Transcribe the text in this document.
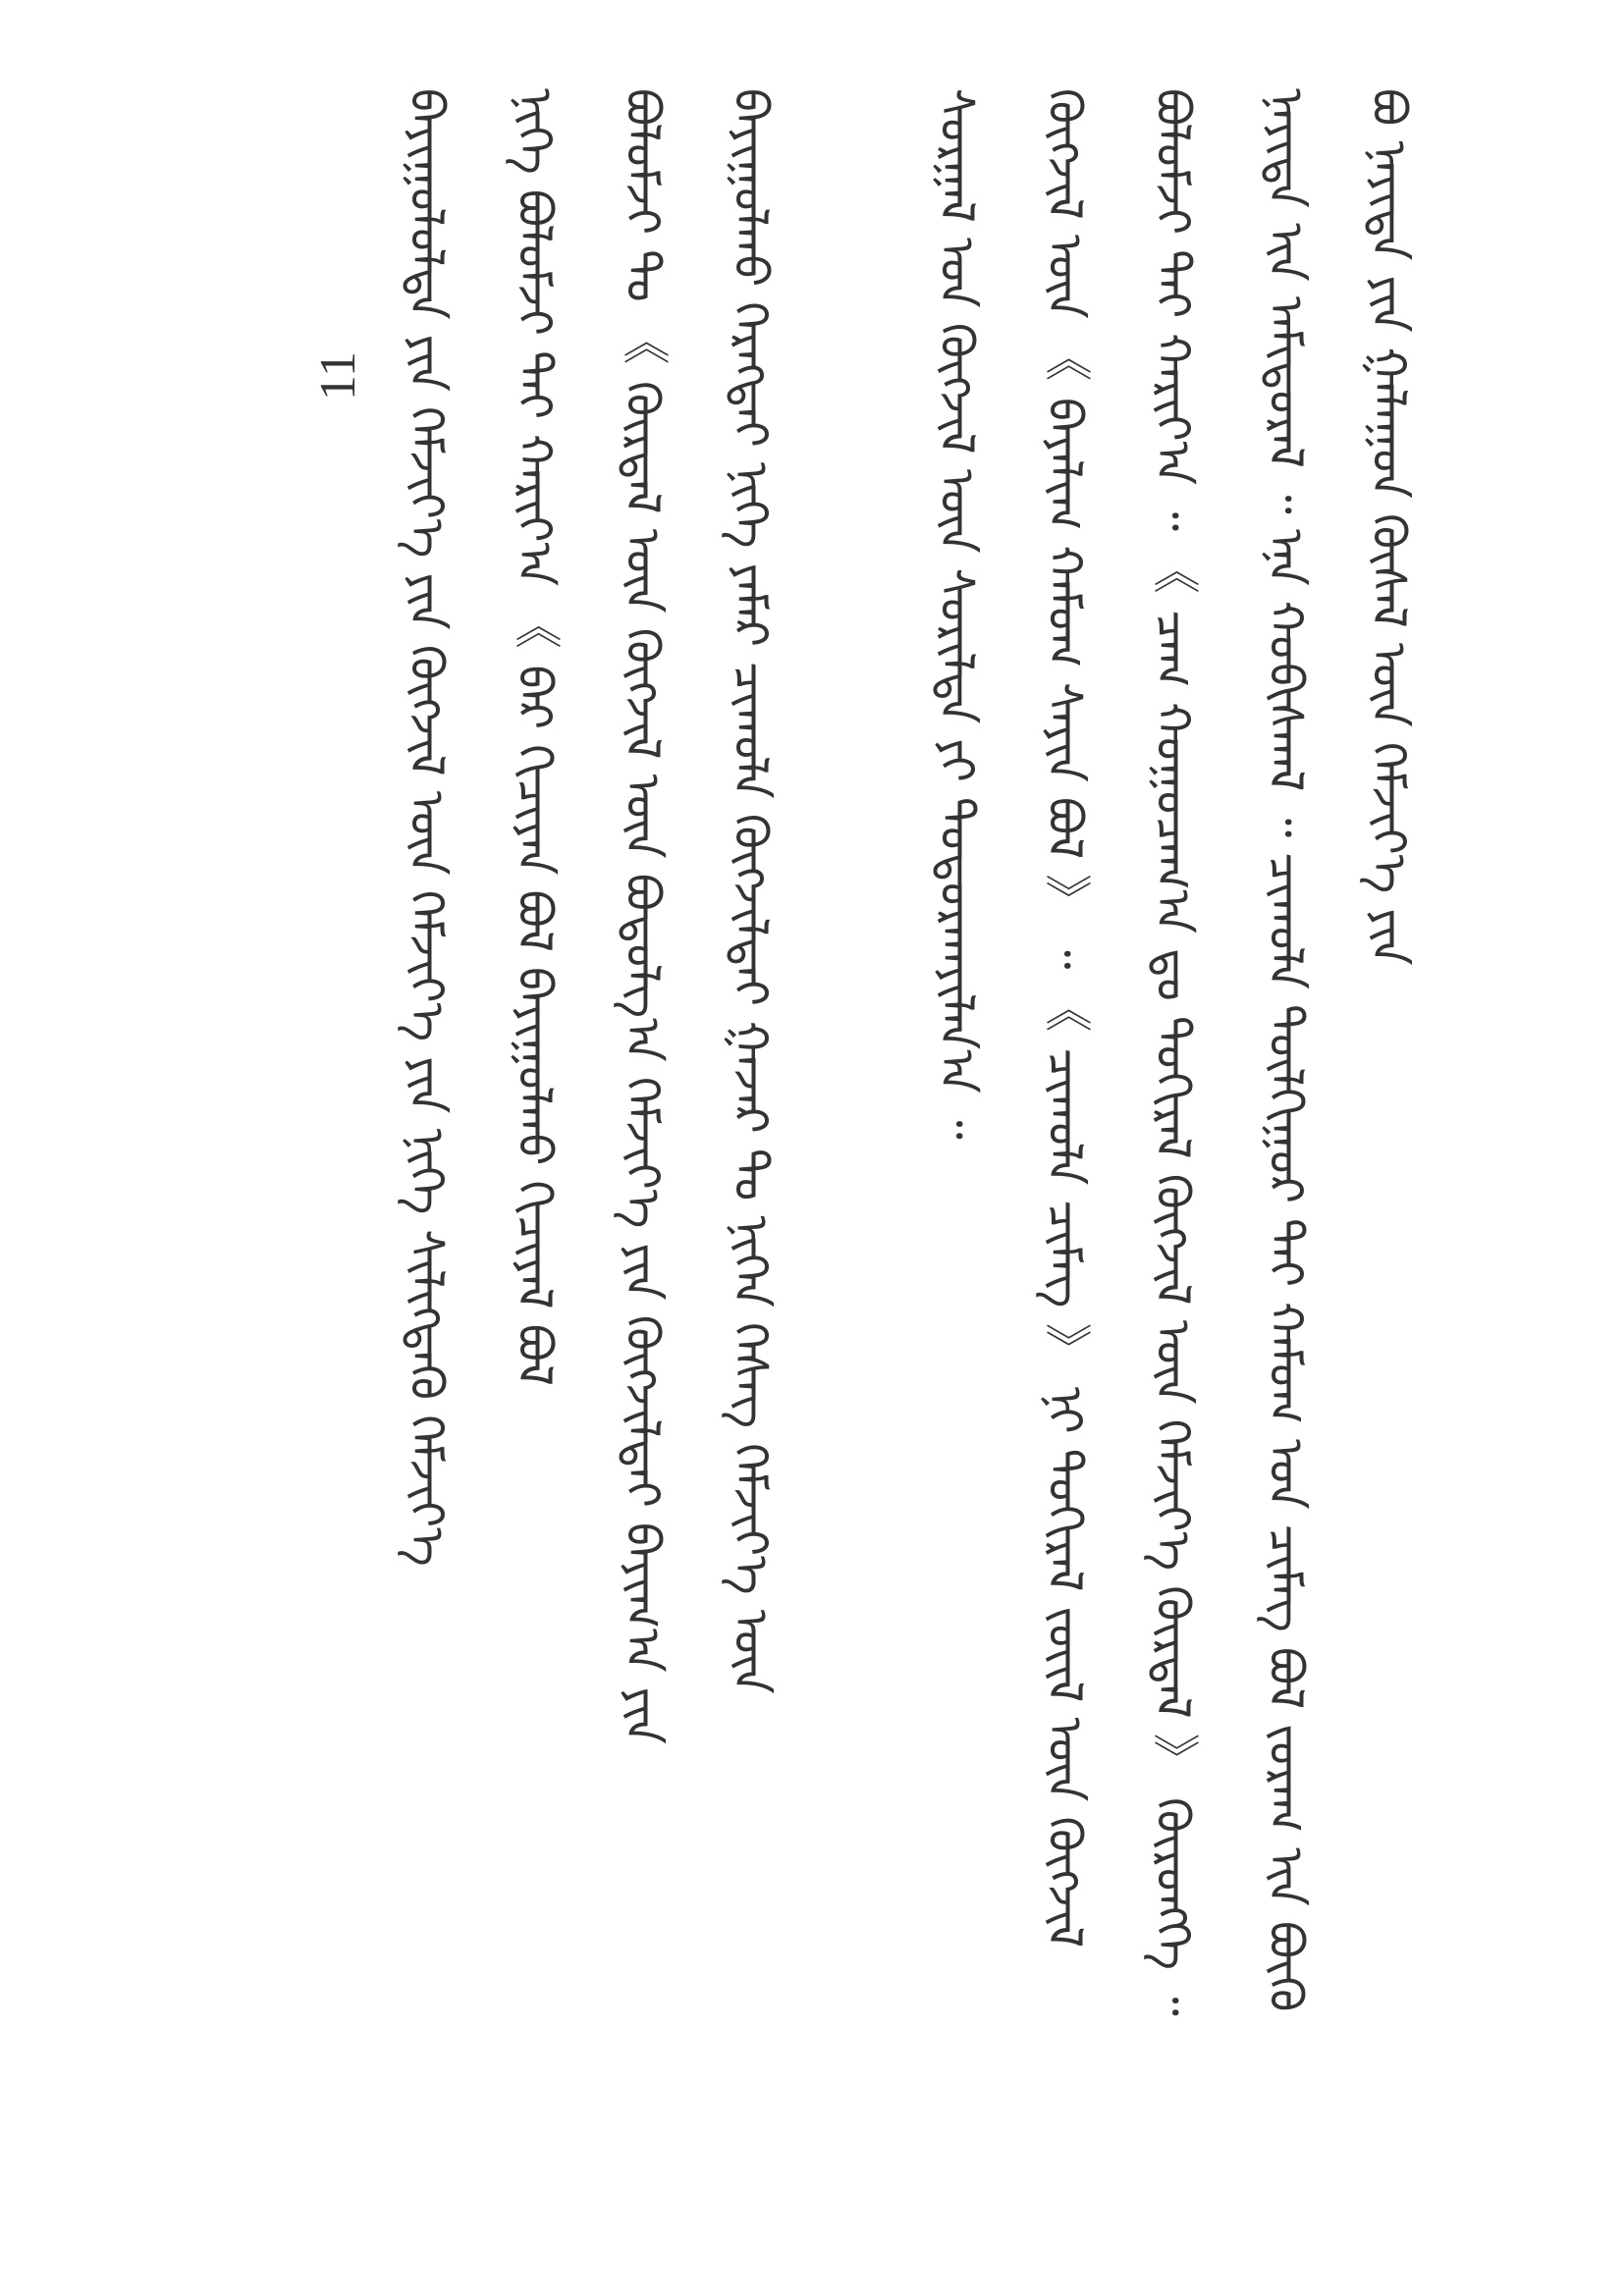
ᠪᠣ ᠨᠡᠶᠢᠲᠡ ᠶᠢᠨ ᠭᠠᠯᠠᠭᠤᠨ ᠬᠥᠰᠡᠯ ᠦᠨ ᠬᠡᠮᠵᠢᠶ᠎ᠡ ᠶᠢᠨ
ᠨᠡᠶᠢᠲᠡ ᠢᠨ ᠠᠮᠢᠳᠤᠷᠠᠯ ᠃ ᠡᠨᠡ ᠬᠤᠪᠢᠰᠬᠠᠯ ᠃ ᠴᠢᠬᠤᠯᠠ ᠲᠦᠯᠬᠢᠭᠤᠷ ᠲᠠᠢ ᠬᠠᠮᠤᠭ ᠤᠨ ᠴᠢᠮᠡᠭ ᠪᠣᠯ ᠵᠤᠷᠠᠭ ᠢᠨ ᠪᠦᠬᠦ
ᠪᠣᠯᠤᠮᠵᠢ ᠲᠠᠢ ᠬᠠᠷᠢᠶ᠎ᠠ ᠃ 《 ᠴᠠᠭ ᠬᠤᠭᠤᠴᠠᠭ᠎ᠠ ᠳᠤ ᠲᠣᠬᠢᠷᠠᠯ ᠬᠥᠭᠵᠢᠯ ᠦᠨ ᠬᠡᠮᠵᠢᠶ᠎ᠡ ᠬᠦᠷᠲᠡᠯ 》 ᠬᠥᠷᠥᠩᠭᠡ ᠃
ᠬᠥᠭᠵᠢᠯ ᠦᠨ 《 ᠪᠠᠶᠠᠯᠢᠭ ᠬᠠᠮᠤᠭ ᠰᠠᠶᠢᠨ ᠪᠣᠯ 》 ᠃ 《 ᠴᠢᠬᠤᠯᠠ ᠴᠢᠮᠡᠭ 》 ᠨᠢ ᠲᠣᠬᠢᠷᠠᠯ ᠵᠦᠢᠯ ᠦᠨ ᠬᠥᠭᠵᠢᠯ
ᠰᠤᠷᠭᠠᠯ ᠤᠨ ᠬᠥᠭᠵᠢᠯ ᠦᠨ ᠰᠤᠷᠢᠯᠲᠠ ᠶᠢ ᠲᠣᠳᠤᠷᠬᠠᠶᠢᠯᠠᠨ᠎ᠠ ᠃
ᠪᠠᠶᠢᠭᠤᠯᠬᠤ ᠬᠡᠷᠡᠭᠲᠡᠢ ᠨᠢᠭᠡ ᠶᠠᠮᠠᠷ ᠴᠢᠬᠤᠯᠠ ᠬᠥᠭᠵᠢᠯᠲᠡᠢ ᠭᠠᠵᠠᠷ ᠲᠤ ᠨᠢᠭᠡᠨ ᠬᠡᠰᠡᠭ ᠬᠡᠮᠵᠢᠶ᠎ᠡ ᠦᠨ
ᠪᠣᠯᠤᠮᠵᠢ ᠲᠤ 《 ᠬᠦᠷᠲᠡᠯ ᠦᠨ ᠬᠥᠭᠵᠢᠯ ᠦᠨ ᠪᠣᠳᠣᠯᠭ᠎ᠠ ᠬᠡᠮᠵᠢᠶ᠎ᠡ ᠶᠢᠨ ᠬᠥᠭᠵᠢᠯᠲᠡᠢ ᠪᠠᠶᠢᠭ᠎ᠠ ᠶᠢᠨ
ᠨᠢᠭᠡ ᠪᠣᠯᠤᠮᠵᠢ ᠲᠠᠢ ᠬᠠᠷᠢᠶ᠎ᠠ 《 ᠪᠠᠷ ᠬᠢᠴᠢᠶᠡᠨ ᠪᠣᠯ ᠪᠠᠶᠢᠭᠤᠯᠬᠤ ᠬᠢᠴᠢᠶᠡᠯ ᠪᠣᠯ
ᠪᠠᠶᠢᠭᠤᠯᠤᠯᠲᠠ ᠶᠢᠨ ᠬᠡᠮᠵᠢᠶ᠎ᠡ ᠶᠢᠨ ᠬᠥᠭᠵᠢᠯ ᠦᠨ ᠬᠡᠮᠵᠢᠶ᠎ᠡ ᠶᠢᠨ ᠨᠢᠭᠡ ᠰᠢᠯᠢᠭᠳᠡᠬᠦ ᠬᠡᠮᠵᠢᠶ᠎ᠡ
11
